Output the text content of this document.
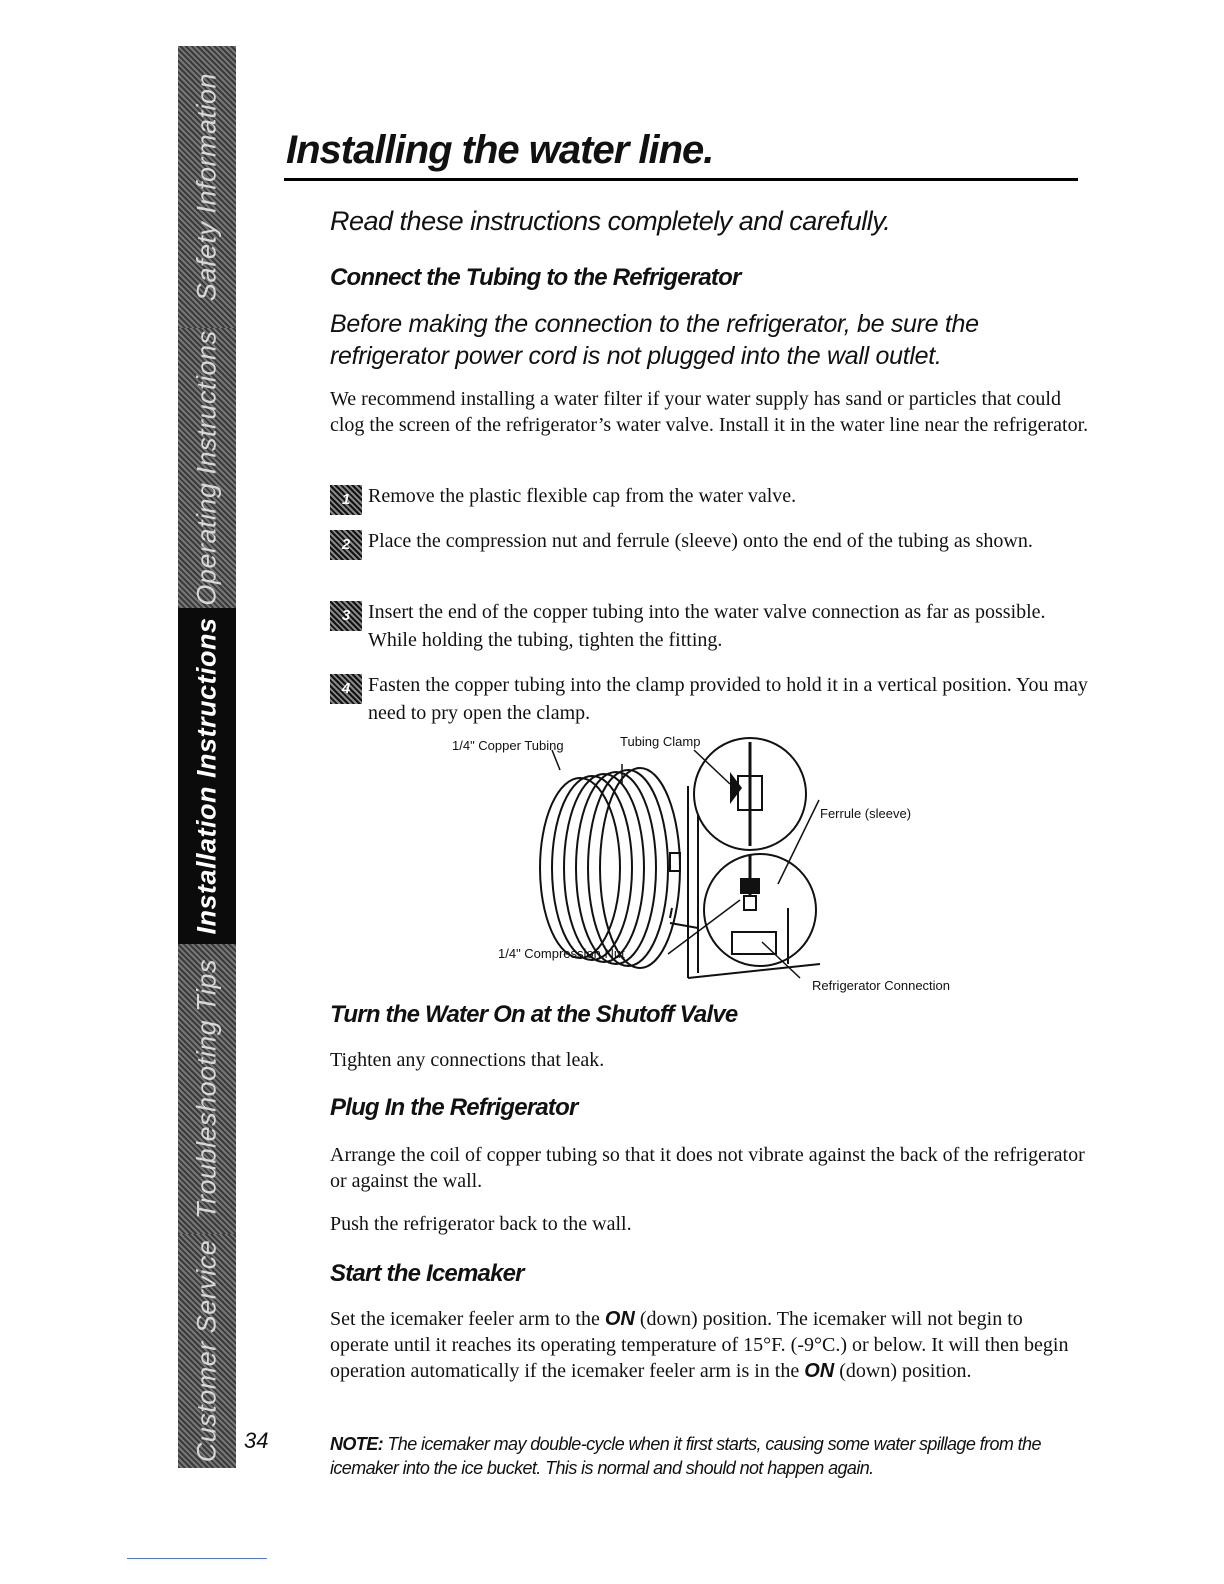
Safety Information
Operating Instructions
Installation Instructions
Troubleshooting Tips
Customer Service 34
Installing the water line.
Read these instructions completely and carefully.
Connect the Tubing to the Refrigerator
Before making the connection to the refrigerator, be sure the refrigerator power cord is not plugged into the wall outlet.
We recommend installing a water filter if your water supply has sand or particles that could clog the screen of the refrigerator’s water valve. Install it in the water line near the refrigerator.
1 Remove the plastic flexible cap from the water valve.
2 Place the compression nut and ferrule (sleeve) onto the end of the tubing as shown.
3 Insert the end of the copper tubing into the water valve connection as far as possible. While holding the tubing, tighten the fitting.
4 Fasten the copper tubing into the clamp provided to hold it in a vertical position. You may need to pry open the clamp.
1/4" Copper Tubing	Tubing Clamp
Ferrule (sleeve)
1/4" Compression Nut
Refrigerator Connection
Turn the Water On at the Shutoff Valve
Tighten any connections that leak.
Plug In the Refrigerator
Arrange the coil of copper tubing so that it does not vibrate against the back of the refrigerator or against the wall.
Push the refrigerator back to the wall.
Start the Icemaker
Set the icemaker feeler arm to the ON (down) position. The icemaker will not begin to operate until it reaches its operating temperature of 15°F. (-9°C.) or below. It will then begin operation automatically if the icemaker feeler arm is in the ON (down) position.
NOTE: The icemaker may double-cycle when it first starts, causing some water spillage from the icemaker into the ice bucket. This is normal and should not happen again.
